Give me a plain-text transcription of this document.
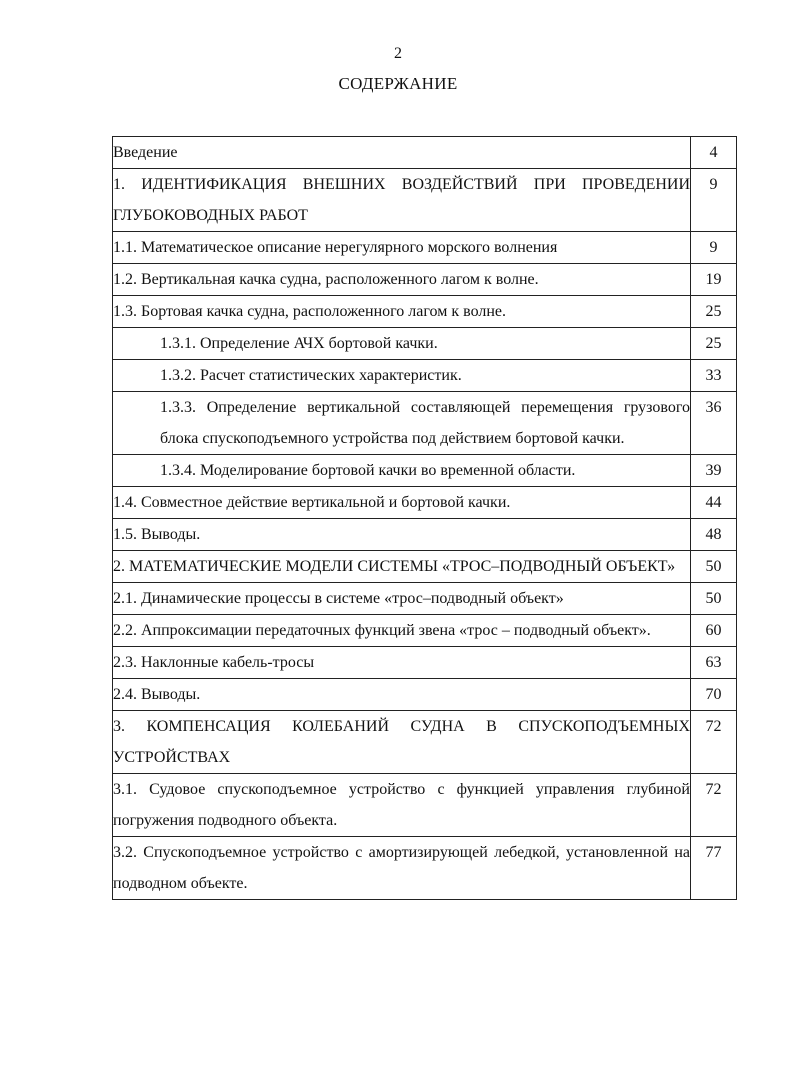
2
СОДЕРЖАНИЕ
Введение	4
1. ИДЕНТИФИКАЦИЯ ВНЕШНИХ ВОЗДЕЙСТВИЙ ПРИ ПРОВЕДЕНИИ ГЛУБОКОВОДНЫХ РАБОТ	9
1.1. Математическое описание нерегулярного морского волнения	9
1.2. Вертикальная качка судна, расположенного лагом к волне.	19
1.3. Бортовая качка судна, расположенного лагом к волне.	25
1.3.1. Определение АЧХ бортовой качки.	25
1.3.2. Расчет статистических характеристик.	33
1.3.3. Определение вертикальной составляющей перемещения грузового блока спускоподъемного устройства под действием бортовой качки.	36
1.3.4. Моделирование бортовой качки во временной области.	39
1.4. Совместное действие вертикальной и бортовой качки.	44
1.5. Выводы.	48
2. МАТЕМАТИЧЕСКИЕ МОДЕЛИ СИСТЕМЫ «ТРОС–ПОДВОДНЫЙ ОБЪЕКТ»	50
2.1. Динамические процессы в системе «трос–подводный объект»	50
2.2. Аппроксимации передаточных функций звена «трос – подводный объект».	60
2.3. Наклонные кабель-тросы	63
2.4. Выводы.	70
3. КОМПЕНСАЦИЯ КОЛЕБАНИЙ СУДНА В СПУСКОПОДЪЕМНЫХ УСТРОЙСТВАХ	72
3.1. Судовое спускоподъемное устройство с функцией управления глубиной погружения подводного объекта.	72
3.2. Спускоподъемное устройство с амортизирующей лебедкой, установленной на подводном объекте.	77
